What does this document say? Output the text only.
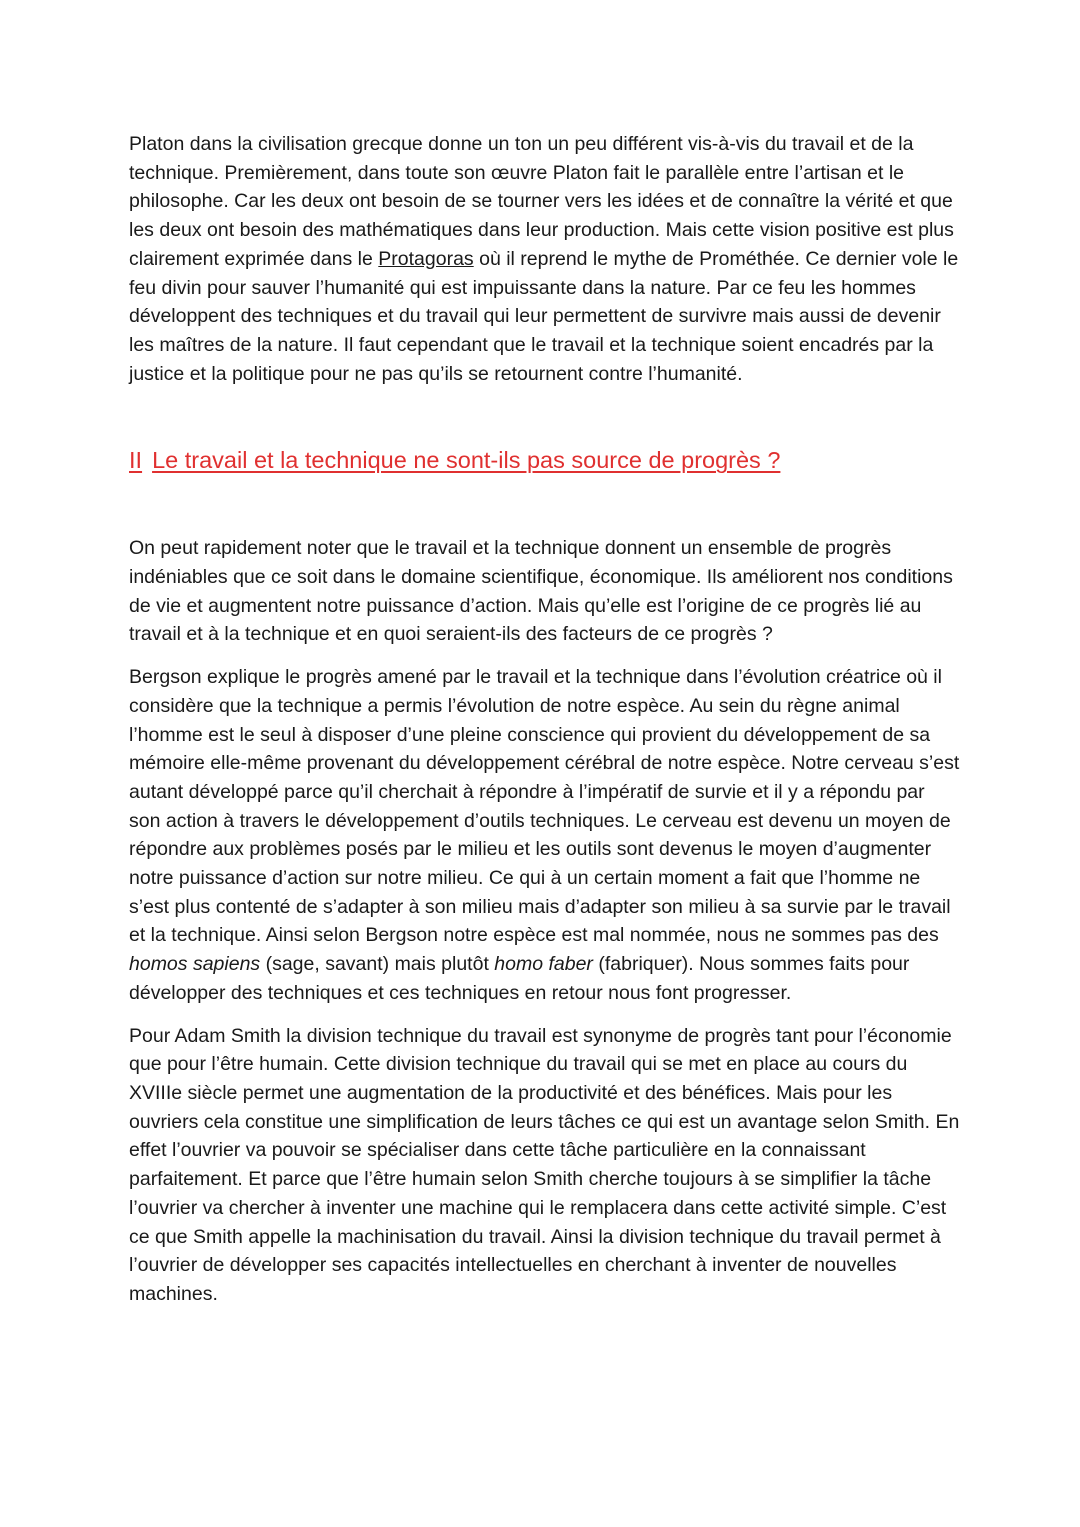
Platon dans la civilisation grecque donne un ton un peu différent vis-à-vis du travail et de la technique. Premièrement, dans toute son œuvre Platon fait le parallèle entre l’artisan et le philosophe. Car les deux ont besoin de se tourner vers les idées et de connaître la vérité et que les deux ont besoin des mathématiques dans leur production. Mais cette vision positive est plus clairement exprimée dans le Protagoras où il reprend le mythe de Prométhée. Ce dernier vole le feu divin pour sauver l’humanité qui est impuissante dans la nature. Par ce feu les hommes développent des techniques et du travail qui leur permettent de survivre mais aussi de devenir les maîtres de la nature. Il faut cependant que le travail et la technique soient encadrés par la justice et la politique pour ne pas qu’ils se retournent contre l’humanité.

II Le travail et la technique ne sont-ils pas source de progrès ?

On peut rapidement noter que le travail et la technique donnent un ensemble de progrès indéniables que ce soit dans le domaine scientifique, économique. Ils améliorent nos conditions de vie et augmentent notre puissance d’action. Mais qu’elle est l’origine de ce progrès lié au travail et à la technique et en quoi seraient-ils des facteurs de ce progrès ?

Bergson explique le progrès amené par le travail et la technique dans l’évolution créatrice où il considère que la technique a permis l’évolution de notre espèce. Au sein du règne animal l’homme est le seul à disposer d’une pleine conscience qui provient du développement de sa mémoire elle-même provenant du développement cérébral de notre espèce. Notre cerveau s’est autant développé parce qu’il cherchait à répondre à l’impératif de survie et il y a répondu par son action à travers le développement d’outils techniques. Le cerveau est devenu un moyen de répondre aux problèmes posés par le milieu et les outils sont devenus le moyen d’augmenter notre puissance d’action sur notre milieu. Ce qui à un certain moment a fait que l’homme ne s’est plus contenté de s’adapter à son milieu mais d’adapter son milieu à sa survie par le travail et la technique. Ainsi selon Bergson notre espèce est mal nommée, nous ne sommes pas des homos sapiens (sage, savant) mais plutôt homo faber (fabriquer). Nous sommes faits pour développer des techniques et ces techniques en retour nous font progresser.

Pour Adam Smith la division technique du travail est synonyme de progrès tant pour l’économie que pour l’être humain. Cette division technique du travail qui se met en place au cours du XVIIIe siècle permet une augmentation de la productivité et des bénéfices. Mais pour les ouvriers cela constitue une simplification de leurs tâches ce qui est un avantage selon Smith. En effet l’ouvrier va pouvoir se spécialiser dans cette tâche particulière en la connaissant parfaitement. Et parce que l’être humain selon Smith cherche toujours à se simplifier la tâche l’ouvrier va chercher à inventer une machine qui le remplacera dans cette activité simple. C’est ce que Smith appelle la machinisation du travail. Ainsi la division technique du travail permet à l’ouvrier de développer ses capacités intellectuelles en cherchant à inventer de nouvelles machines.
